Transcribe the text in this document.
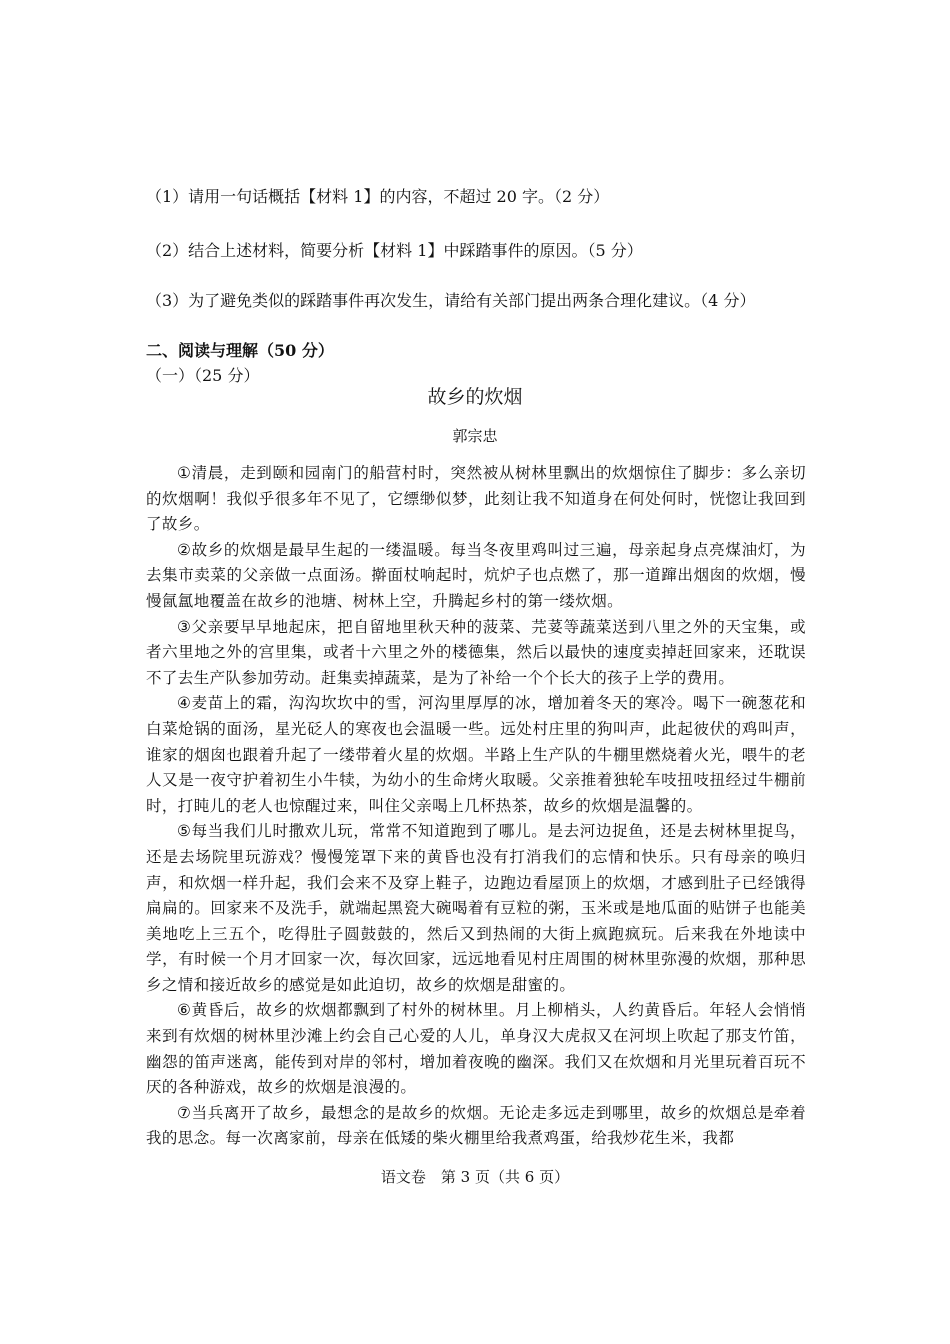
（1）请用一句话概括【材料 1】的内容，不超过 20 字。（2 分）
（2）结合上述材料，简要分析【材料 1】中踩踏事件的原因。（5 分）
（3）为了避免类似的踩踏事件再次发生，请给有关部门提出两条合理化建议。（4 分）
二、阅读与理解（50 分）
（一）（25 分）
故乡的炊烟
郭宗忠

①清晨，走到颐和园南门的船营村时，突然被从树林里飘出的炊烟惊住了脚步：多么亲切的炊烟啊！我似乎很多年不见了，它缥缈似梦，此刻让我不知道身在何处何时，恍惚让我回到了故乡。

②故乡的炊烟是最早生起的一缕温暖。每当冬夜里鸡叫过三遍，母亲起身点亮煤油灯，为去集市卖菜的父亲做一点面汤。擀面杖响起时，炕炉子也点燃了，那一道蹿出烟囱的炊烟，慢慢氤氲地覆盖在故乡的池塘、树林上空，升腾起乡村的第一缕炊烟。

③父亲要早早地起床，把自留地里秋天种的菠菜、芫荽等蔬菜送到八里之外的天宝集，或者六里地之外的宫里集，或者十六里之外的楼德集，然后以最快的速度卖掉赶回家来，还耽误不了去生产队参加劳动。赶集卖掉蔬菜，是为了补给一个个长大的孩子上学的费用。

④麦苗上的霜，沟沟坎坎中的雪，河沟里厚厚的冰，增加着冬天的寒冷。喝下一碗葱花和白菜炝锅的面汤，星光砭人的寒夜也会温暖一些。远处村庄里的狗叫声，此起彼伏的鸡叫声，谁家的烟囱也跟着升起了一缕带着火星的炊烟。半路上生产队的牛棚里燃烧着火光，喂牛的老人又是一夜守护着初生小牛犊，为幼小的生命烤火取暖。父亲推着独轮车吱扭吱扭经过牛棚前时，打盹儿的老人也惊醒过来，叫住父亲喝上几杯热茶，故乡的炊烟是温馨的。

⑤每当我们儿时撒欢儿玩，常常不知道跑到了哪儿。是去河边捉鱼，还是去树林里捉鸟，还是去场院里玩游戏？慢慢笼罩下来的黄昏也没有打消我们的忘情和快乐。只有母亲的唤归声，和炊烟一样升起，我们会来不及穿上鞋子，边跑边看屋顶上的炊烟，才感到肚子已经饿得扁扁的。回家来不及洗手，就端起黑瓷大碗喝着有豆粒的粥，玉米或是地瓜面的贴饼子也能美美地吃上三五个，吃得肚子圆鼓鼓的，然后又到热闹的大街上疯跑疯玩。后来我在外地读中学，有时候一个月才回家一次，每次回家，远远地看见村庄周围的树林里弥漫的炊烟，那种思乡之情和接近故乡的感觉是如此迫切，故乡的炊烟是甜蜜的。

⑥黄昏后，故乡的炊烟都飘到了村外的树林里。月上柳梢头，人约黄昏后。年轻人会悄悄来到有炊烟的树林里沙滩上约会自己心爱的人儿，单身汉大虎叔又在河坝上吹起了那支竹笛，幽怨的笛声迷离，能传到对岸的邻村，增加着夜晚的幽深。我们又在炊烟和月光里玩着百玩不厌的各种游戏，故乡的炊烟是浪漫的。

⑦当兵离开了故乡，最想念的是故乡的炊烟。无论走多远走到哪里，故乡的炊烟总是牵着我的思念。每一次离家前，母亲在低矮的柴火棚里给我煮鸡蛋，给我炒花生米，我都

语文卷　第 3 页（共 6 页）
